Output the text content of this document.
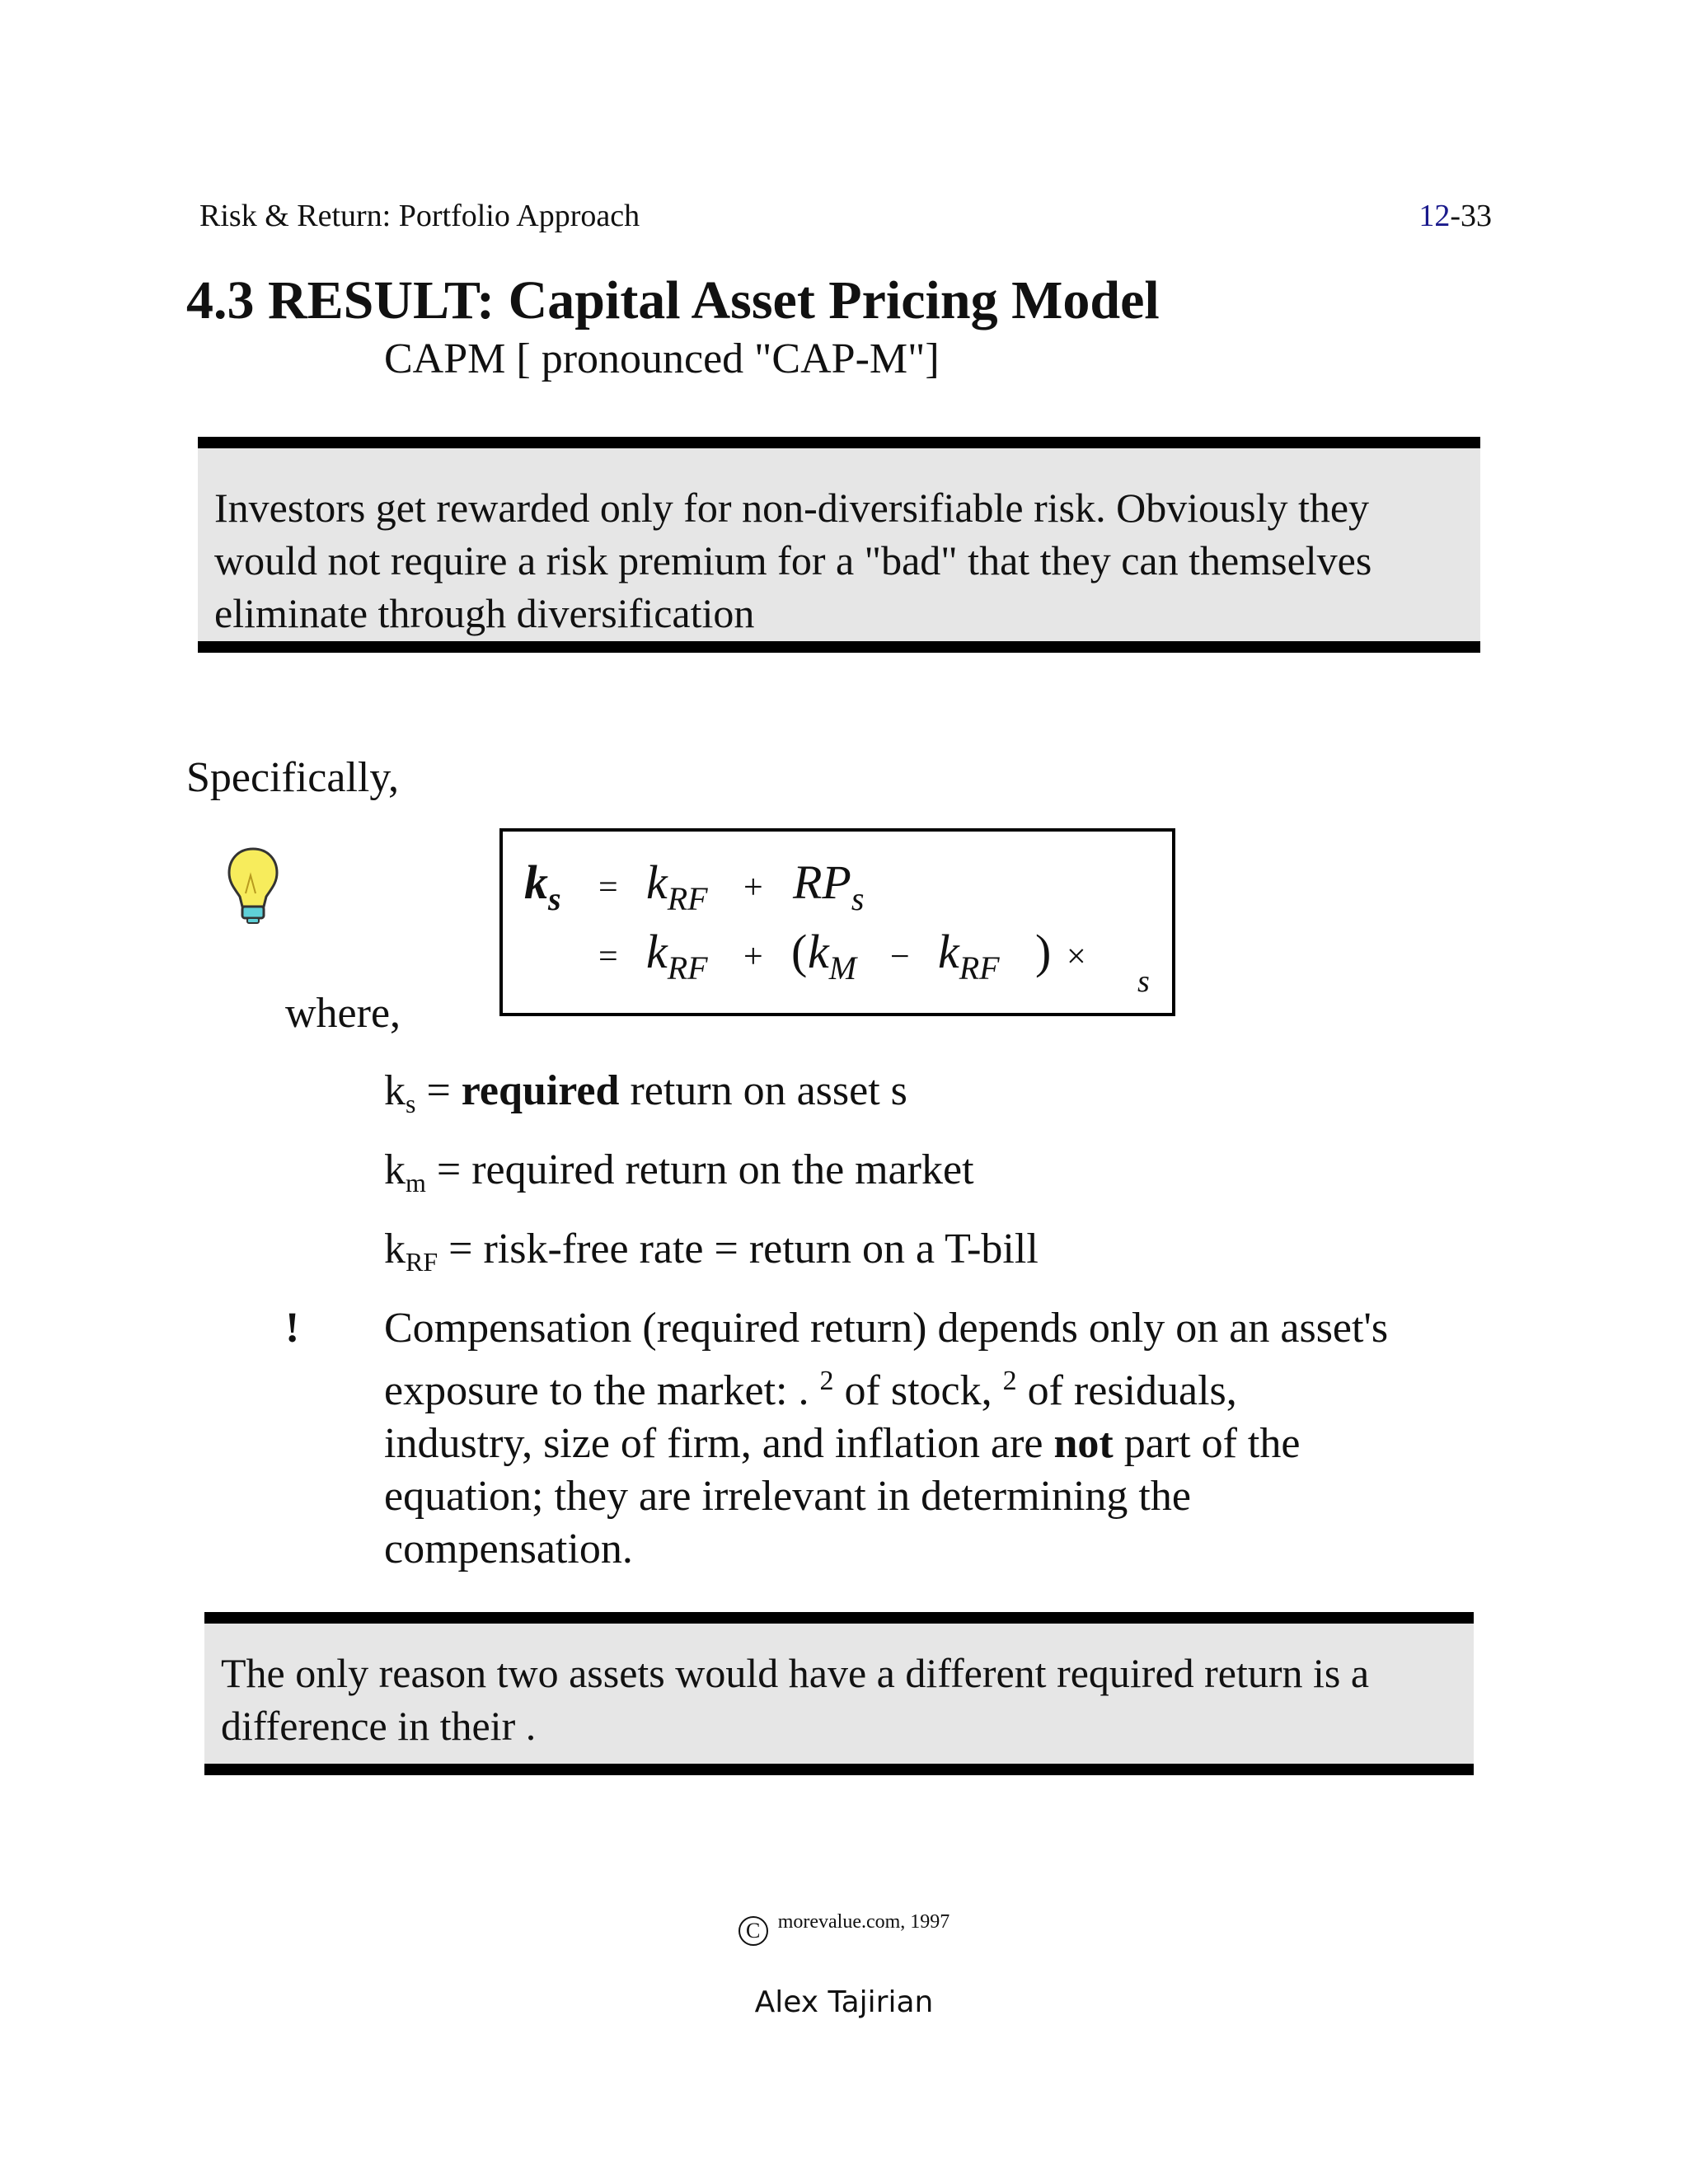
Risk & Return: Portfolio Approach	12-33
4.3 RESULT: Capital Asset Pricing Model
CAPM [ pronounced "CAP-M"]
Investors get rewarded only for non-diversifiable risk. Obviously they
would not require a risk premium for a "bad" that they can themselves
eliminate through diversification
Specifically,
$k_s = k_{RF} + RP_s$
= $k_{RF}$ + ( $k_M - k_{RF}$ ) ×
s
where,
$k_s$ = required return on asset s
$k_m$ = required return on the market
$k_{RF}$ = risk-free rate = return on a T-bill
! Compensation (required return) depends only on an asset's
exposure to the market: . $^2$ of stock, $^2$ of residuals,
industry, size of firm, and inflation are not part of the
equation; they are irrelevant in determining the
compensation.
The only reason two assets would have a different required return is a
difference in their .
C morevalue.com, 1997
Alex Tajirian
